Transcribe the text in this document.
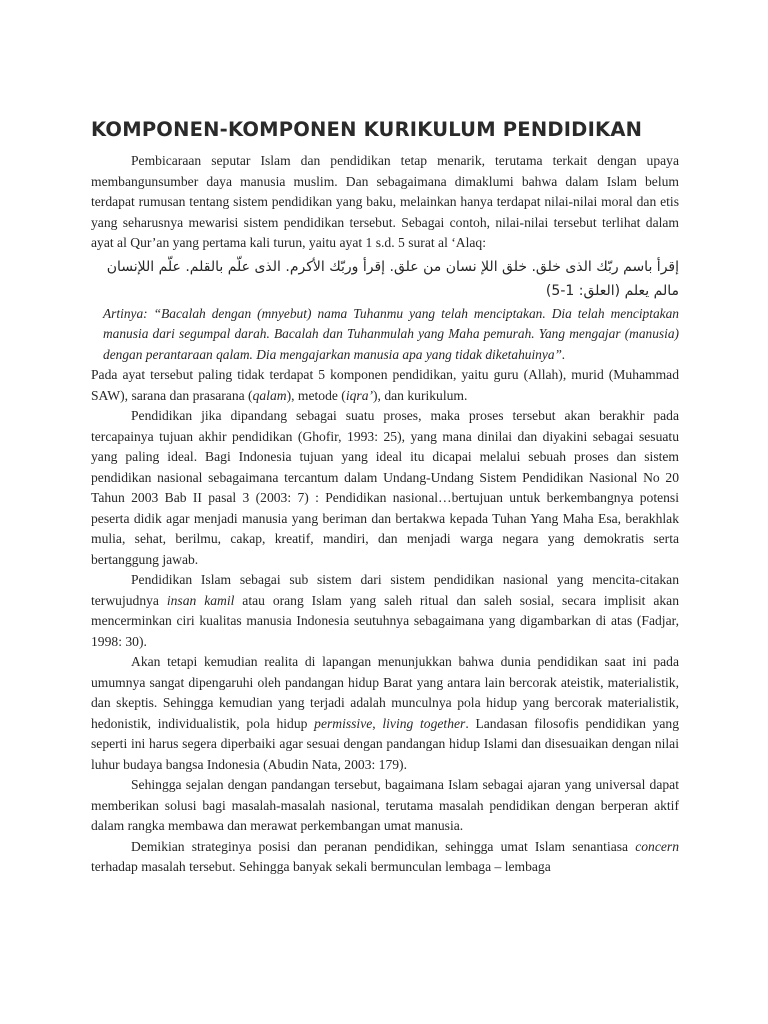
KOMPONEN-KOMPONEN KURIKULUM PENDIDIKAN

Pembicaraan seputar Islam dan pendidikan tetap menarik, terutama terkait dengan upaya membangunsumber daya manusia muslim. Dan sebagaimana dimaklumi bahwa dalam Islam belum terdapat rumusan tentang sistem pendidikan yang baku, melainkan hanya terdapat nilai-nilai moral dan etis yang seharusnya mewarisi sistem pendidikan tersebut. Sebagai contoh, nilai-nilai tersebut terlihat dalam ayat al Qur’an yang pertama kali turun, yaitu ayat 1 s.d. 5 surat al ‘Alaq:

إقرأ باسم ربّك الذى خلق. خلق اللإ نسان من علق. إقرأ وربّك الأكرم. الذى علّم بالقلم. علّم اللإنسان مالم يعلم (العلق: 1-5)

Artinya: “Bacalah dengan (mnyebut) nama Tuhanmu yang telah menciptakan. Dia telah menciptakan manusia dari segumpal darah. Bacalah dan Tuhanmulah yang Maha pemurah. Yang mengajar (manusia) dengan perantaraan qalam. Dia mengajarkan manusia apa yang tidak diketahuinya”.

Pada ayat tersebut paling tidak terdapat 5 komponen pendidikan, yaitu guru (Allah), murid (Muhammad SAW), sarana dan prasarana (qalam), metode (iqra’), dan kurikulum.

Pendidikan jika dipandang sebagai suatu proses, maka proses tersebut akan berakhir pada tercapainya tujuan akhir pendidikan (Ghofir, 1993: 25), yang mana dinilai dan diyakini sebagai sesuatu yang paling ideal. Bagi Indonesia tujuan yang ideal itu dicapai melalui sebuah proses dan sistem pendidikan nasional sebagaimana tercantum dalam Undang-Undang Sistem Pendidikan Nasional No 20 Tahun 2003 Bab II pasal 3 (2003: 7) : Pendidikan nasional…bertujuan untuk berkembangnya potensi peserta didik agar menjadi manusia yang beriman dan bertakwa kepada Tuhan Yang Maha Esa, berakhlak mulia, sehat, berilmu, cakap, kreatif, mandiri, dan menjadi warga negara yang demokratis serta bertanggung jawab.

Pendidikan Islam sebagai sub sistem dari sistem pendidikan nasional yang mencita-citakan terwujudnya insan kamil atau orang Islam yang saleh ritual dan saleh sosial, secara implisit akan mencerminkan ciri kualitas manusia Indonesia seutuhnya sebagaimana yang digambarkan di atas (Fadjar, 1998: 30).

Akan tetapi kemudian realita di lapangan menunjukkan bahwa dunia pendidikan saat ini pada umumnya sangat dipengaruhi oleh pandangan hidup Barat yang antara lain bercorak ateistik, materialistik, dan skeptis. Sehingga kemudian yang terjadi adalah munculnya pola hidup yang bercorak materialistik, hedonistik, individualistik, pola hidup permissive, living together. Landasan filosofis pendidikan yang seperti ini harus segera diperbaiki agar sesuai dengan pandangan hidup Islami dan disesuaikan dengan nilai luhur budaya bangsa Indonesia (Abudin Nata, 2003: 179).

Sehingga sejalan dengan pandangan tersebut, bagaimana Islam sebagai ajaran yang universal dapat memberikan solusi bagi masalah-masalah nasional, terutama masalah pendidikan dengan berperan aktif dalam rangka membawa dan merawat perkembangan umat manusia.

Demikian strateginya posisi dan peranan pendidikan, sehingga umat Islam senantiasa concern terhadap masalah tersebut. Sehingga banyak sekali bermunculan lembaga – lembaga
